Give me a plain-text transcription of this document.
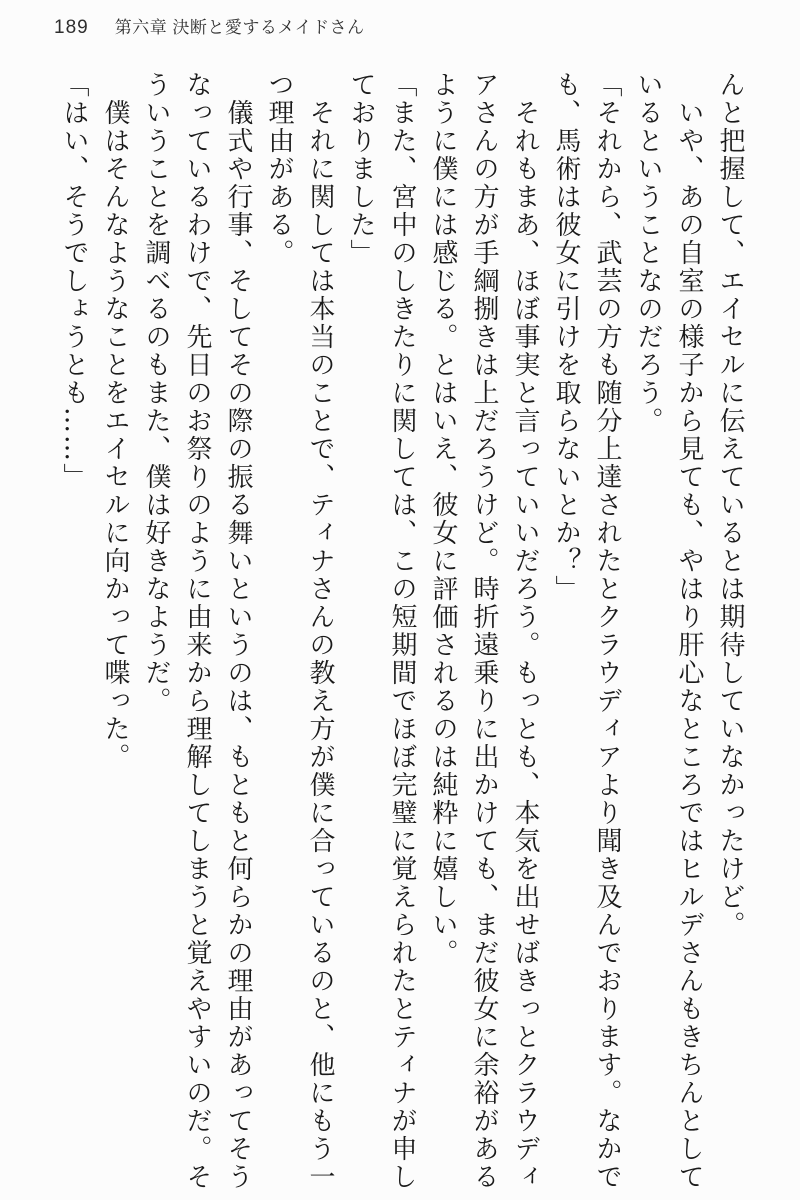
189 第六章 決断と愛するメイドさん

んと把握して、エイセルに伝えているとは期待していなかったけど。

いや、あの自室の様子から見ても、やはり肝心なところではヒルデさんもきちんとしているということなのだろう。

「それから、武芸の方も随分上達されたとクラウディアより聞き及んでおります。なかでも、馬術は彼女に引けを取らないとか？」

それもまあ、ほぼ事実と言っていいだろう。もっとも、本気を出せばきっとクラウディアさんの方が手綱捌きは上だろうけど。時折遠乗りに出かけても、まだ彼女に余裕があるように僕には感じる。とはいえ、彼女に評価されるのは純粋に嬉しい。

「また、宮中のしきたりに関しては、この短期間でほぼ完璧に覚えられたとティナが申しておりました」

それに関しては本当のことで、ティナさんの教え方が僕に合っているのと、他にもう一つ理由がある。

儀式や行事、そしてその際の振る舞いというのは、もともと何らかの理由があってそうなっているわけで、先日のお祭りのように由来から理解してしまうと覚えやすいのだ。そういうことを調べるのもまた、僕は好きなようだ。

僕はそんなようなことをエイセルに向かって喋った。

「はい、そうでしょうとも……」
